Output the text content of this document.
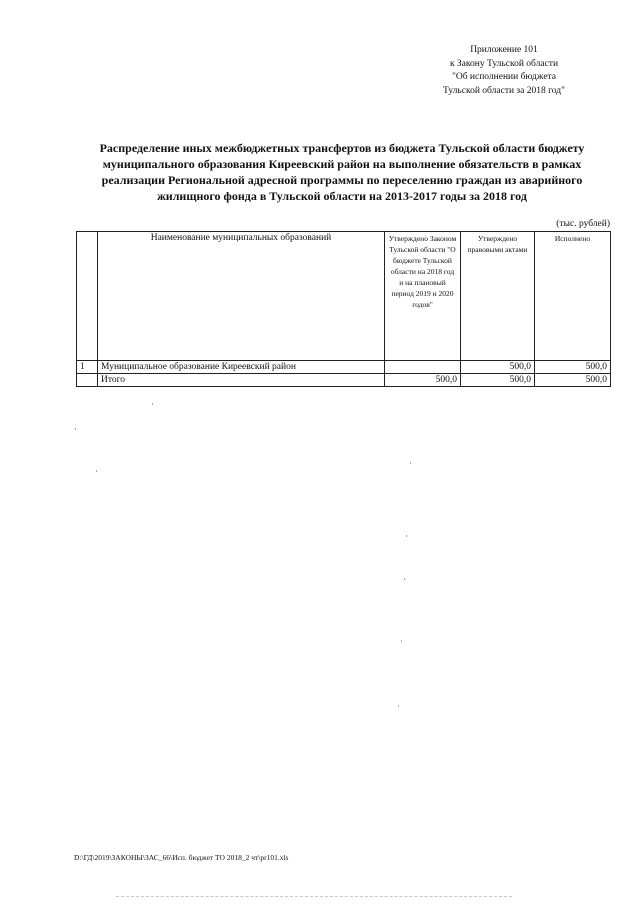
Приложение 101
к Закону Тульской области
"Об исполнении бюджета
Тульской области за 2018 год"
Распределение иных межбюджетных трансфертов из бюджета Тульской области бюджету муниципального образования Киреевский район на выполнение обязательств в рамках реализации Региональной адресной программы по переселению граждан из аварийного жилищного фонда в Тульской области на 2013-2017 годы за 2018 год
(тыс. рублей)
	Наименование муниципальных образований	Утверждено Законом Тульской области "О бюджете Тульской области на 2018 год и на плановый период 2019 и 2020 годов"	Утверждено правовыми актами	Исполнено
1	Муниципальное образование Киреевский район		500,0	500,0
	Итого	500,0	500,0	500,0
D:\ГД\2019\ЗАКОНЫ\ЗАС_66\Исп. бюджет ТО 2018_2 чт\pr101.xls
